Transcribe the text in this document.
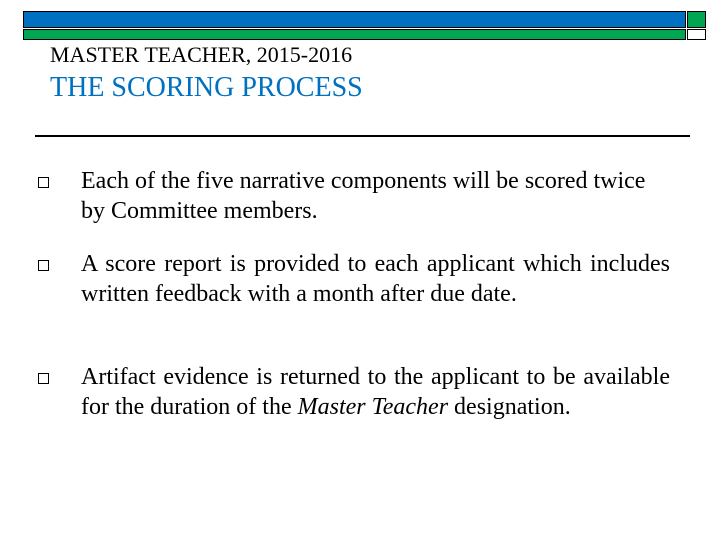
MASTER TEACHER, 2015-2016
THE SCORING PROCESS
Each of the five narrative components will be scored twice by Committee members.
A score report is provided to each applicant which includes written feedback with a month after due date.
Artifact evidence is returned to the applicant to be available for the duration of the Master Teacher designation.
